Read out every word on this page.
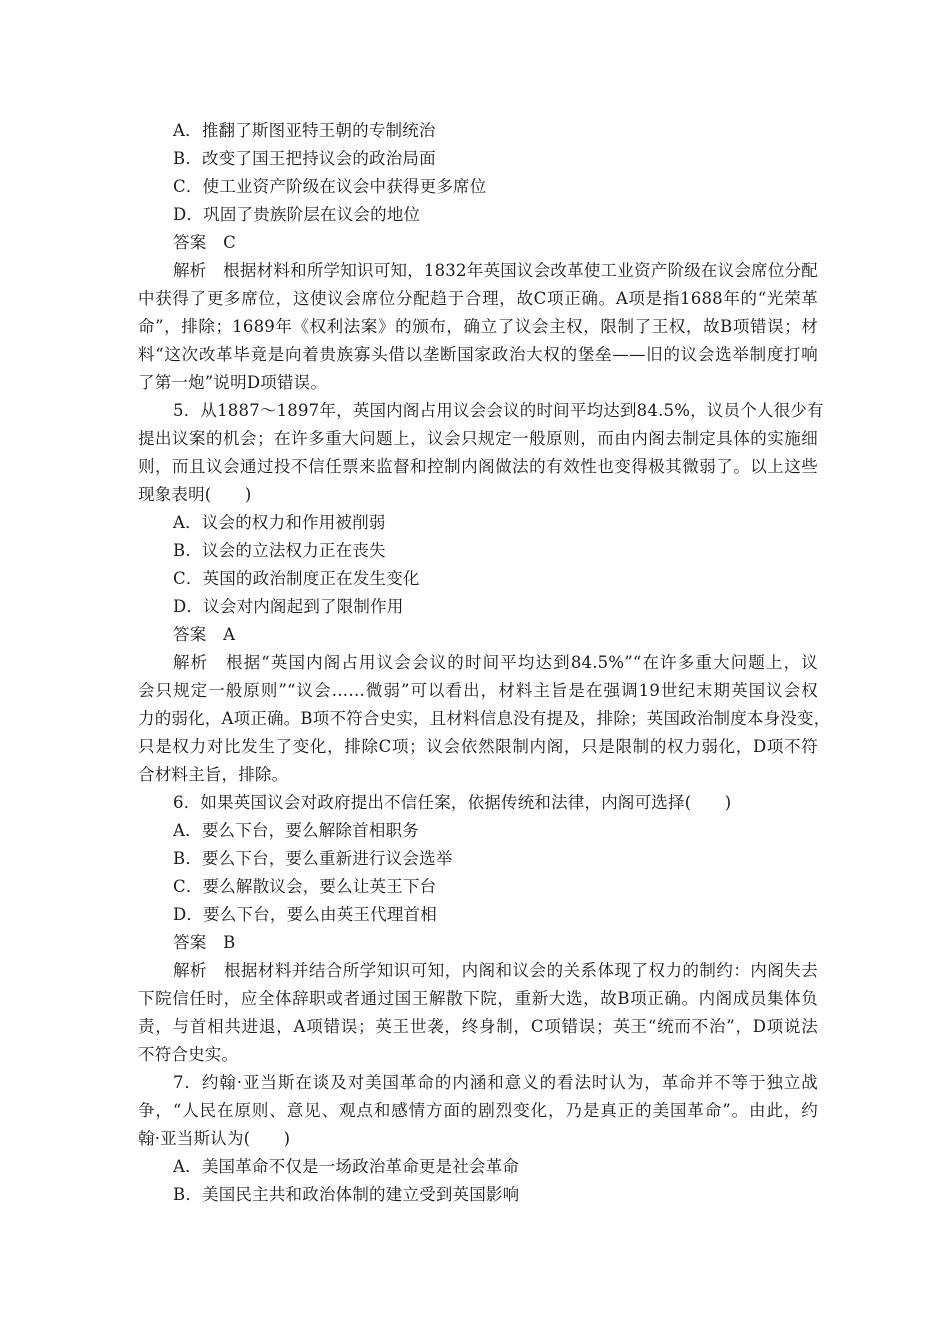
A．推翻了斯图亚特王朝的专制统治
B．改变了国王把持议会的政治局面
C．使工业资产阶级在议会中获得更多席位
D．巩固了贵族阶层在议会的地位
答案　C
解析　根据材料和所学知识可知，1832年英国议会改革使工业资产阶级在议会席位分配
中获得了更多席位，这使议会席位分配趋于合理，故C项正确。A项是指1688年的“光荣革
命”，排除；1689年《权利法案》的颁布，确立了议会主权，限制了王权，故B项错误；材
料“这次改革毕竟是向着贵族寡头借以垄断国家政治大权的堡垒——旧的议会选举制度打响
了第一炮”说明D项错误。
5．从1887～1897年，英国内阁占用议会会议的时间平均达到84.5%，议员个人很少有
提出议案的机会；在许多重大问题上，议会只规定一般原则，而由内阁去制定具体的实施细
则，而且议会通过投不信任票来监督和控制内阁做法的有效性也变得极其微弱了。以上这些
现象表明(　　)
A．议会的权力和作用被削弱
B．议会的立法权力正在丧失
C．英国的政治制度正在发生变化
D．议会对内阁起到了限制作用
答案　A
解析　根据“英国内阁占用议会会议的时间平均达到84.5%”“在许多重大问题上，议
会只规定一般原则”“议会……微弱”可以看出，材料主旨是在强调19世纪末期英国议会权
力的弱化，A项正确。B项不符合史实，且材料信息没有提及，排除；英国政治制度本身没变，
只是权力对比发生了变化，排除C项；议会依然限制内阁，只是限制的权力弱化，D项不符
合材料主旨，排除。
6．如果英国议会对政府提出不信任案，依据传统和法律，内阁可选择(　　)
A．要么下台，要么解除首相职务
B．要么下台，要么重新进行议会选举
C．要么解散议会，要么让英王下台
D．要么下台，要么由英王代理首相
答案　B
解析　根据材料并结合所学知识可知，内阁和议会的关系体现了权力的制约：内阁失去
下院信任时，应全体辞职或者通过国王解散下院，重新大选，故B项正确。内阁成员集体负
责，与首相共进退，A项错误；英王世袭，终身制，C项错误；英王“统而不治”，D项说法
不符合史实。
7．约翰·亚当斯在谈及对美国革命的内涵和意义的看法时认为，革命并不等于独立战
争，“人民在原则、意见、观点和感情方面的剧烈变化，乃是真正的美国革命”。由此，约
翰·亚当斯认为(　　)
A．美国革命不仅是一场政治革命更是社会革命
B．美国民主共和政治体制的建立受到英国影响
